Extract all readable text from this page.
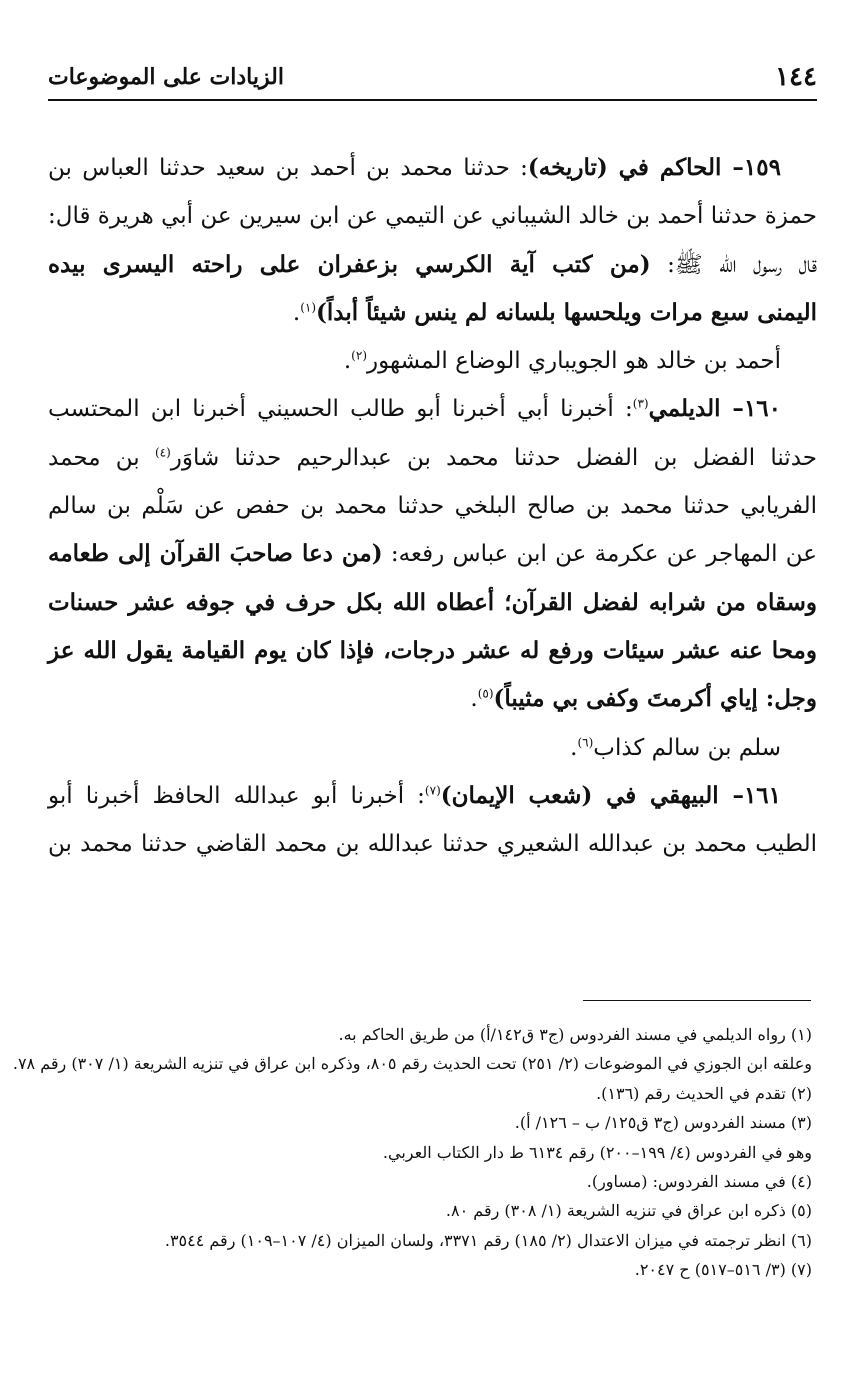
الزيادات على الموضوعات	١٤٤
١٥٩– الحاكم في (تاريخه): حدثنا محمد بن أحمد بن سعيد حدثنا العباس بن
حمزة حدثنا أحمد بن خالد الشيباني عن التيمي عن ابن سيرين عن أبي هريرة قال:
قال رسول الله ﷺ: (من كتب آية الكرسي بزعفران على راحته اليسرى بيده
اليمنى سبع مرات ويلحسها بلسانه لم ينس شيئاً أبداً)$^{(١)}$.
أحمد بن خالد هو الجويباري الوضاع المشهور$^{(٢)}$.
١٦٠– الديلمي$^{(٣)}$: أخبرنا أبي أخبرنا أبو طالب الحسيني أخبرنا ابن المحتسب
حدثنا الفضل بن الفضل حدثنا محمد بن عبدالرحيم حدثنا شاوَر$^{(٤)}$ بن محمد
الفريابي حدثنا محمد بن صالح البلخي حدثنا محمد بن حفص عن سَلْم بن سالم
عن المهاجر عن عكرمة عن ابن عباس رفعه: (من دعا صاحبَ القرآن إلى طعامه
وسقاه من شرابه لفضل القرآن؛ أعطاه الله بكل حرف في جوفه عشر حسنات
ومحا عنه عشر سيئات ورفع له عشر درجات، فإذا كان يوم القيامة يقول الله عز
وجل: إياي أكرمتَ وكفى بي مثيباً)$^{(٥)}$.
سلم بن سالم كذاب$^{(٦)}$.
١٦١– البيهقي في (شعب الإيمان)$^{(٧)}$: أخبرنا أبو عبدالله الحافظ أخبرنا أبو
الطيب محمد بن عبدالله الشعيري حدثنا عبدالله بن محمد القاضي حدثنا محمد بن
(١) رواه الديلمي في مسند الفردوس (ج٣ ق١٤٢/أ) من طريق الحاكم به.
وعلقه ابن الجوزي في الموضوعات (٢/ ٢٥١) تحت الحديث رقم ٨٠٥، وذكره ابن عراق في تنزيه الشريعة (١/ ٣٠٧) رقم ٧٨.
(٢) تقدم في الحديث رقم (١٣٦).
(٣) مسند الفردوس (ج٣ ق١٢٥/ ب – ١٢٦/ أ).
وهو في الفردوس (٤/ ١٩٩–٢٠٠) رقم ٦١٣٤ ط دار الكتاب العربي.
(٤) في مسند الفردوس: (مساور).
(٥) ذكره ابن عراق في تنزيه الشريعة (١/ ٣٠٨) رقم ٨٠.
(٦) انظر ترجمته في ميزان الاعتدال (٢/ ١٨٥) رقم ٣٣٧١، ولسان الميزان (٤/ ١٠٧–١٠٩) رقم ٣٥٤٤.
(٧) (٣/ ٥١٦–٥١٧) ح ٢٠٤٧.
